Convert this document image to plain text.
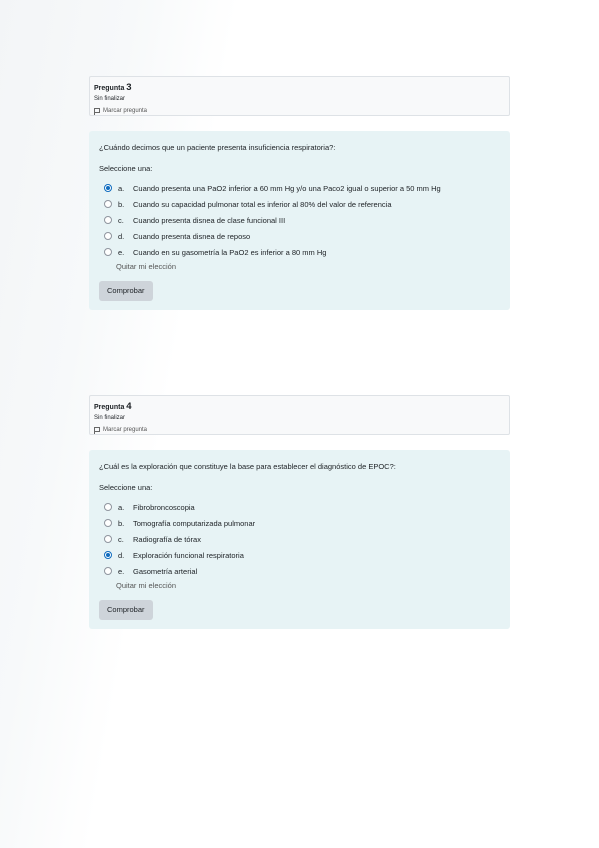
Pregunta 3
Sin finalizar
Marcar pregunta
¿Cuándo decimos que un paciente presenta insuficiencia respiratoria?:
Seleccione una:
a.	Cuando presenta una PaO2 inferior a 60 mm Hg y/o una Paco2 igual o superior a 50 mm Hg
b.	Cuando su capacidad pulmonar total es inferior al 80% del valor de referencia
c.	Cuando presenta disnea de clase funcional III
d.	Cuando presenta disnea de reposo
e.	Cuando en su gasometría la PaO2 es inferior a 80 mm Hg
Quitar mi elección
Comprobar
Pregunta 4
Sin finalizar
Marcar pregunta
¿Cuál es la exploración que constituye la base para establecer el diagnóstico de EPOC?:
Seleccione una:
a.	Fibrobroncoscopia
b.	Tomografía computarizada pulmonar
c.	Radiografía de tórax
d.	Exploración funcional respiratoria
e.	Gasometría arterial
Quitar mi elección
Comprobar
